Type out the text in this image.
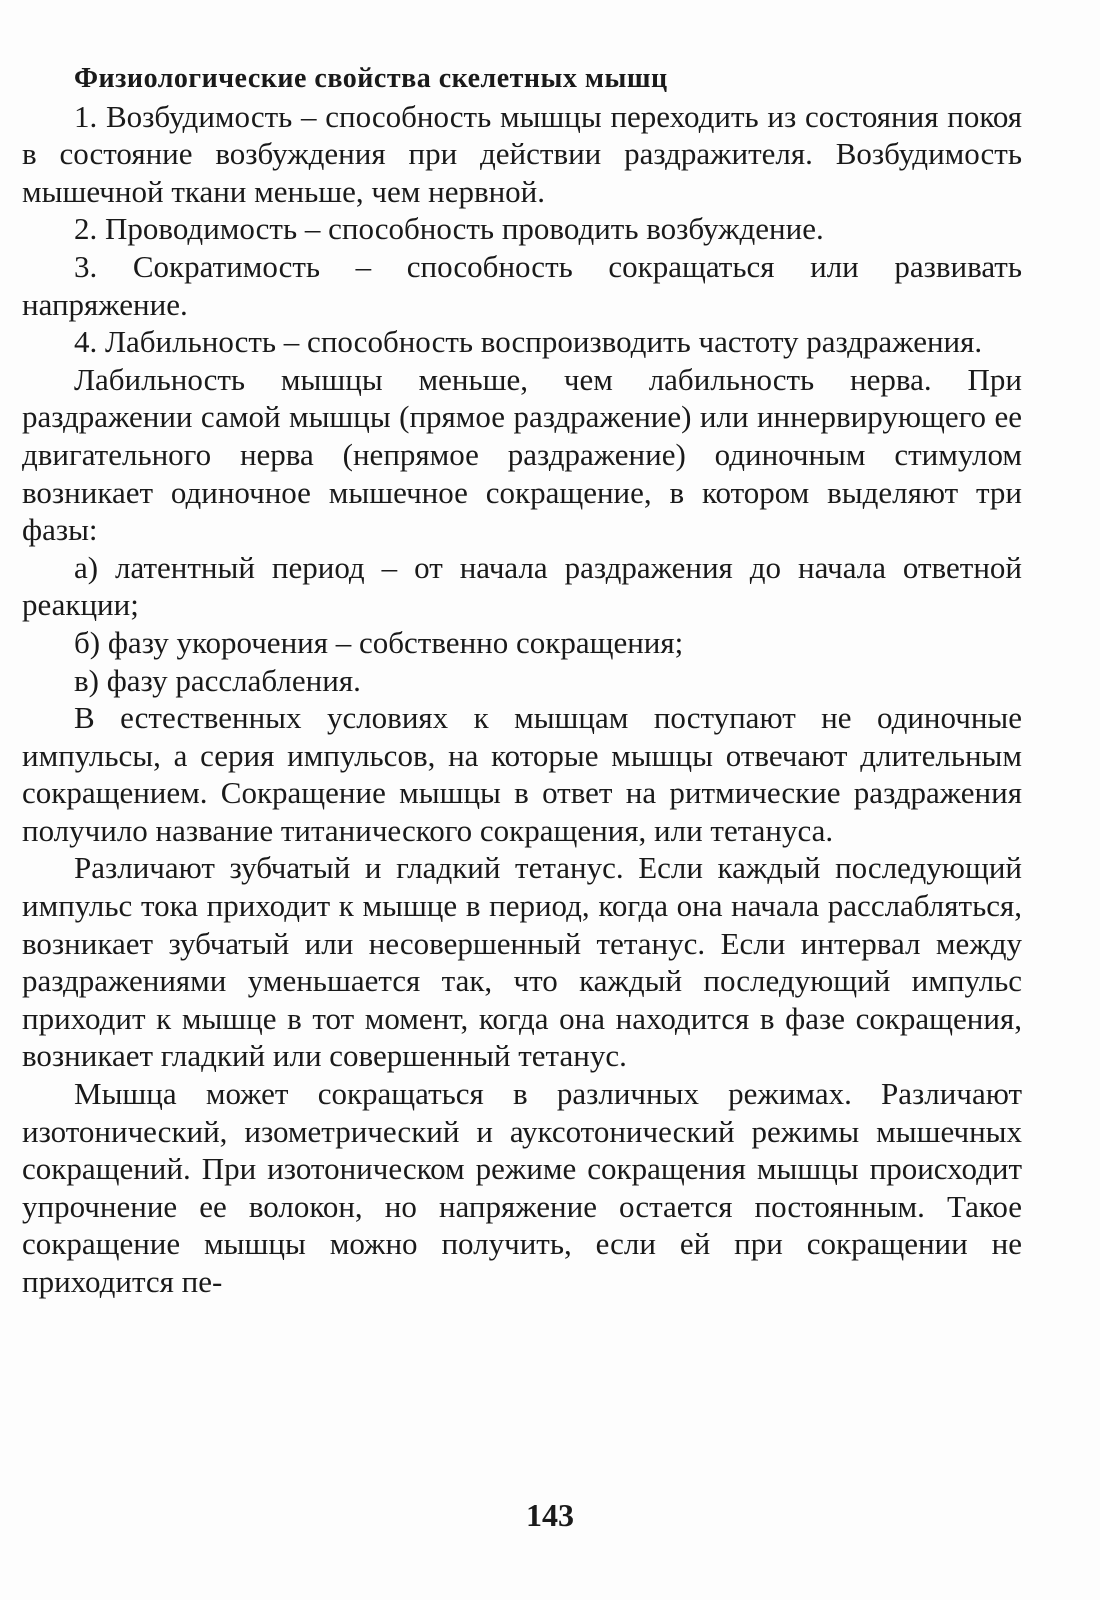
Физиологические свойства скелетных мышц

1. Возбудимость – способность мышцы переходить из состояния покоя в состояние возбуждения при действии раздражителя. Возбудимость мышечной ткани меньше, чем нервной.

2. Проводимость – способность проводить возбуждение.

3. Сократимость – способность сокращаться или развивать напряжение.

4. Лабильность – способность воспроизводить частоту раздражения.

Лабильность мышцы меньше, чем лабильность нерва. При раздражении самой мышцы (прямое раздражение) или иннервирующего ее двигательного нерва (непрямое раздражение) одиночным стимулом возникает одиночное мышечное сокращение, в котором выделяют три фазы:

а) латентный период – от начала раздражения до начала ответной реакции;

б) фазу укорочения – собственно сокращения;

в) фазу расслабления.

В естественных условиях к мышцам поступают не одиночные импульсы, а серия импульсов, на которые мышцы отвечают длительным сокращением. Сокращение мышцы в ответ на ритмические раздражения получило название титанического сокращения, или тетануса.

Различают зубчатый и гладкий тетанус. Если каждый последующий импульс тока приходит к мышце в период, когда она начала расслабляться, возникает зубчатый или несовершенный тетанус. Если интервал между раздражениями уменьшается так, что каждый последующий импульс приходит к мышце в тот момент, когда она находится в фазе сокращения, возникает гладкий или совершенный тетанус.

Мышца может сокращаться в различных режимах. Различают изотонический, изометрический и ауксотонический режимы мышечных сокращений. При изотоническом режиме сокращения мышцы происходит упрочнение ее волокон, но напряжение остается постоянным. Такое сокращение мышцы можно получить, если ей при сокращении не приходится пе-

143
